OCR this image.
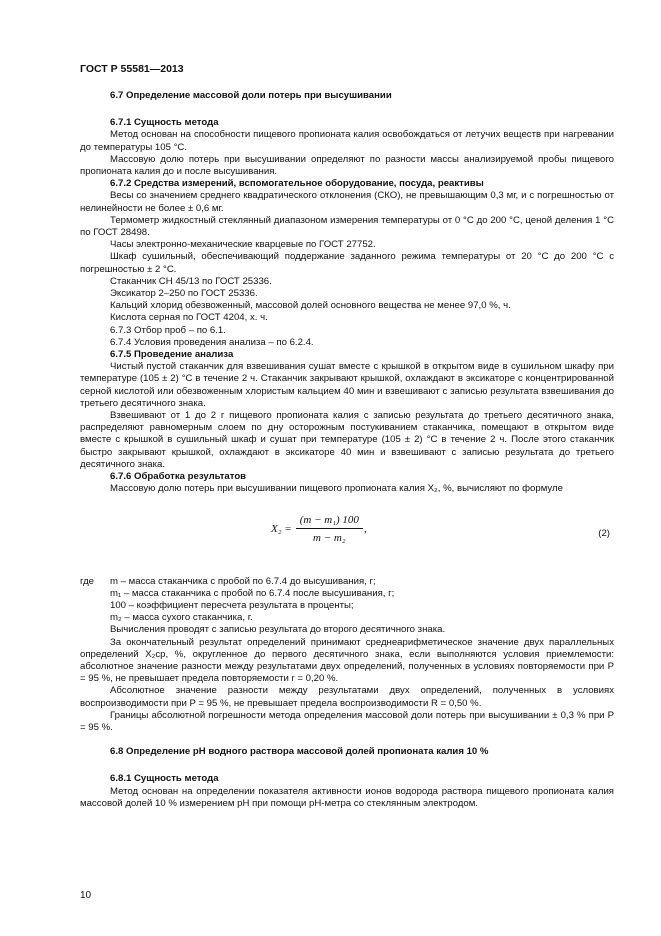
ГОСТ Р 55581—2013
6.7 Определение массовой доли потерь при высушивании
6.7.1 Сущность метода

Метод основан на способности пищевого пропионата калия освобождаться от летучих веществ при нагревании до температуры 105 °С.

Массовую долю потерь при высушивании определяют по разности массы анализируемой пробы пищевого пропионата калия до и после высушивания.

6.7.2 Средства измерений, вспомогательное оборудование, посуда, реактивы

Весы со значением среднего квадратического отклонения (СКО), не превышающим 0,3 мг, и с погрешностью от нелинейности не более ± 0,6 мг.

Термометр жидкостный стеклянный диапазоном измерения температуры от 0 °С до 200 °С, ценой деления 1 °С по ГОСТ 28498.

Часы электронно-механические кварцевые по ГОСТ 27752.

Шкаф сушильный, обеспечивающий поддержание заданного режима температуры от 20 °С до 200 °С с погрешностью ± 2 °С.

Стаканчик СН 45/13 по ГОСТ 25336.

Эксикатор 2–250 по ГОСТ 25336.

Кальций хлорид обезвоженный, массовой долей основного вещества не менее 97,0 %, ч.

Кислота серная по ГОСТ 4204, х. ч.

6.7.3 Отбор проб – по 6.1.

6.7.4 Условия проведения анализа – по 6.2.4.

6.7.5 Проведение анализа

Чистый пустой стаканчик для взвешивания сушат вместе с крышкой в открытом виде в сушильном шкафу при температуре (105 ± 2) °С в течение 2 ч. Стаканчик закрывают крышкой, охлаждают в эксикаторе с концентрированной серной кислотой или обезвоженным хлористым кальцием 40 мин и взвешивают с записью результата взвешивания до третьего десятичного знака.

Взвешивают от 1 до 2 г пищевого пропионата калия с записью результата до третьего десятичного знака, распределяют равномерным слоем по дну осторожным постукиванием стаканчика, помещают в открытом виде вместе с крышкой в сушильный шкаф и сушат при температуре (105 ± 2) °С в течение 2 ч. После этого стаканчик быстро закрывают крышкой, охлаждают в эксикаторе 40 мин и взвешивают с записью результата до третьего десятичного знака.

6.7.6 Обработка результатов

Массовую долю потерь при высушивании пищевого пропионата калия X₂, %, вычисляют по формуле

X₂ =	(m − m₁) 100	,
m − m₂	(2)
где	m – масса стаканчика с пробой по 6.7.4 до высушивания, г;
m₁ – масса стаканчика с пробой по 6.7.4 после высушивания, г;
100 – коэффициент пересчета результата в проценты;
m₂ – масса сухого стаканчика, г.

Вычисления проводят с записью результата до второго десятичного знака.

За окончательный результат определений принимают среднеарифметическое значение двух параллельных определений X₂ср, %, округленное до первого десятичного знака, если выполняются условия приемлемости: абсолютное значение разности между результатами двух определений, полученных в условиях повторяемости при P = 95 %, не превышает предела повторяемости r = 0,20 %.

Абсолютное значение разности между результатами двух определений, полученных в условиях воспроизводимости при P = 95 %, не превышает предела воспроизводимости R = 0,50 %.

Границы абсолютной погрешности метода определения массовой доли потерь при высушивании ± 0,3 % при P = 95 %.

6.8 Определение pH водного раствора массовой долей пропионата калия 10 %
6.8.1 Сущность метода

Метод основан на определении показателя активности ионов водорода раствора пищевого пропионата калия массовой долей 10 % измерением pH при помощи pH-метра со стеклянным электродом.

10
